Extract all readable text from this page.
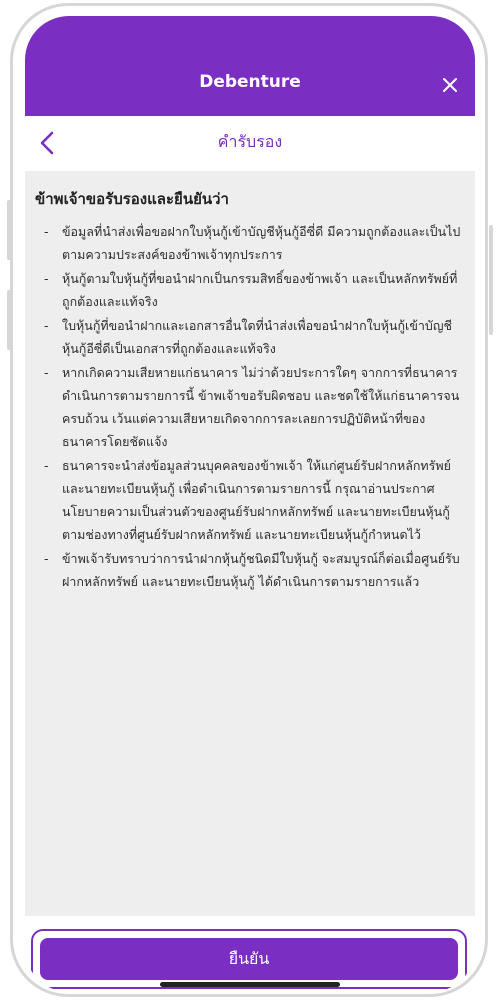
Debenture
คำรับรอง
ข้าพเจ้าขอรับรองและยืนยันว่า
- ข้อมูลที่นำส่งเพื่อขอฝากใบหุ้นกู้เข้าบัญชีหุ้นกู้อีซี่ดี มีความถูกต้องและเป็นไปตามความประสงค์ของข้าพเจ้าทุกประการ
- หุ้นกู้ตามใบหุ้นกู้ที่ขอนำฝากเป็นกรรมสิทธิ์ของข้าพเจ้า และเป็นหลักทรัพย์ที่ถูกต้องและแท้จริง
- ใบหุ้นกู้ที่ขอนำฝากและเอกสารอื่นใดที่นำส่งเพื่อขอนำฝากใบหุ้นกู้เข้าบัญชีหุ้นกู้อีซี่ดีเป็นเอกสารที่ถูกต้องและแท้จริง
- หากเกิดความเสียหายแก่ธนาคาร ไม่ว่าด้วยประการใดๆ จากการที่ธนาคารดำเนินการตามรายการนี้ ข้าพเจ้าขอรับผิดชอบ และชดใช้ให้แก่ธนาคารจนครบถ้วน เว้นแต่ความเสียหายเกิดจากการละเลยการปฏิบัติหน้าที่ของธนาคารโดยชัดแจ้ง
- ธนาคารจะนำส่งข้อมูลส่วนบุคคลของข้าพเจ้า ให้แก่ศูนย์รับฝากหลักทรัพย์ และนายทะเบียนหุ้นกู้ เพื่อดำเนินการตามรายการนี้ กรุณาอ่านประกาศนโยบายความเป็นส่วนตัวของศูนย์รับฝากหลักทรัพย์ และนายทะเบียนหุ้นกู้ตามช่องทางที่ศูนย์รับฝากหลักทรัพย์ และนายทะเบียนหุ้นกู้กำหนดไว้
- ข้าพเจ้ารับทราบว่าการนำฝากหุ้นกู้ชนิดมีใบหุ้นกู้ จะสมบูรณ์ก็ต่อเมื่อศูนย์รับฝากหลักทรัพย์ และนายทะเบียนหุ้นกู้ ได้ดำเนินการตามรายการแล้ว
ยืนยัน
